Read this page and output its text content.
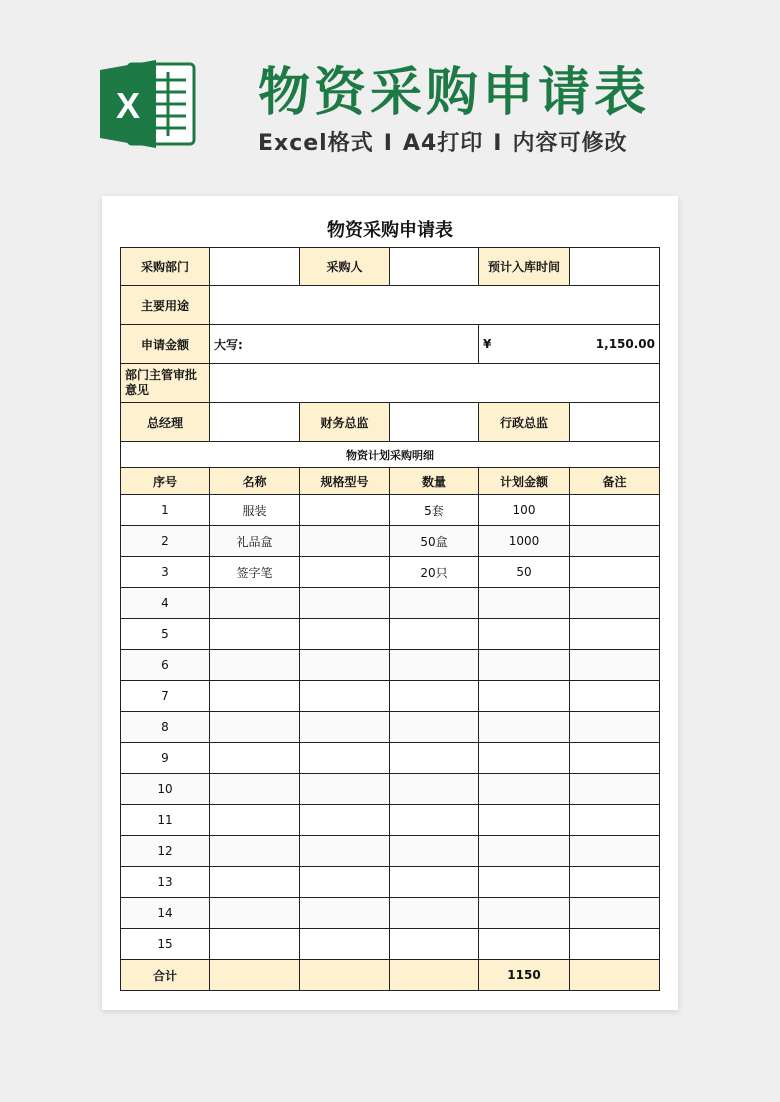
X 物资采购申请表
Excel格式 I A4打印 I 内容可修改
物资采购申请表
采购部门		采购人		预计入库时间	
主要用途					
申请金额	大写:			¥	1,150.00
部门主管审批意见					
总经理		财务总监		行政总监	
物资计划采购明细					
序号	名称	规格型号	数量	计划金额	备注
1	服装		5套	100	
2	礼品盒		50盒	1000	
3	签字笔		20只	50	
4					
5					
6					
7					
8					
9					
10					
11					
12					
13					
14					
15					
合计				1150	
